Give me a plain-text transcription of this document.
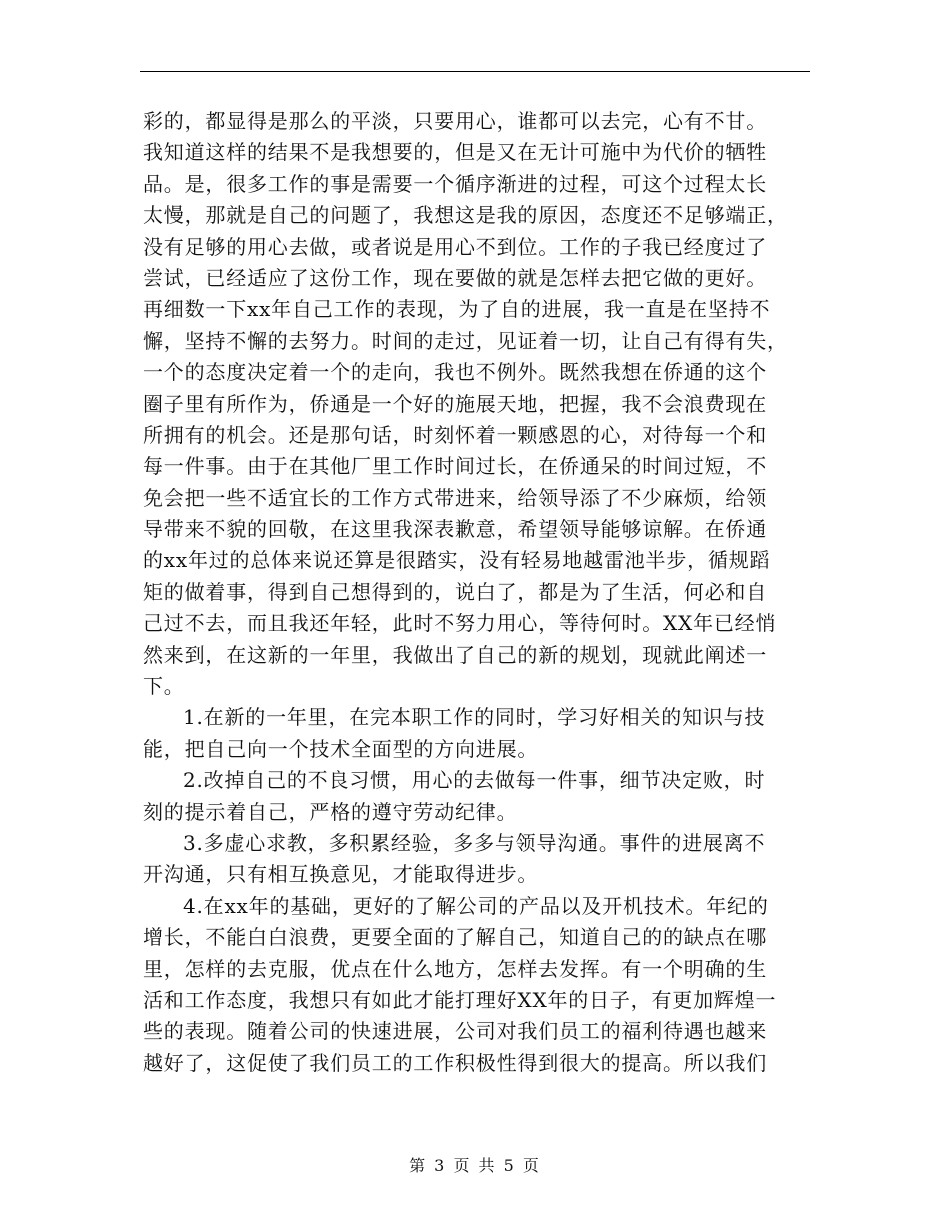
彩的，都显得是那么的平淡，只要用心，谁都可以去完，心有不甘。
我知道这样的结果不是我想要的，但是又在无计可施中为代价的牺牲
品。是，很多工作的事是需要一个循序渐进的过程，可这个过程太长
太慢，那就是自己的问题了，我想这是我的原因，态度还不足够端正，
没有足够的用心去做，或者说是用心不到位。工作的子我已经度过了
尝试，已经适应了这份工作，现在要做的就是怎样去把它做的更好。
再细数一下xx年自己工作的表现，为了自的进展，我一直是在坚持不
懈，坚持不懈的去努力。时间的走过，见证着一切，让自己有得有失，
一个的态度决定着一个的走向，我也不例外。既然我想在侨通的这个
圈子里有所作为，侨通是一个好的施展天地，把握，我不会浪费现在
所拥有的机会。还是那句话，时刻怀着一颗感恩的心，对待每一个和
每一件事。由于在其他厂里工作时间过长，在侨通呆的时间过短，不
免会把一些不适宜长的工作方式带进来，给领导添了不少麻烦，给领
导带来不貌的回敬，在这里我深表歉意，希望领导能够谅解。在侨通
的xx年过的总体来说还算是很踏实，没有轻易地越雷池半步，循规蹈
矩的做着事，得到自己想得到的，说白了，都是为了生活，何必和自
己过不去，而且我还年轻，此时不努力用心，等待何时。XX年已经悄
然来到，在这新的一年里，我做出了自己的新的规划，现就此阐述一
下。
1.在新的一年里，在完本职工作的同时，学习好相关的知识与技
能，把自己向一个技术全面型的方向进展。
2.改掉自己的不良习惯，用心的去做每一件事，细节决定败，时
刻的提示着自己，严格的遵守劳动纪律。
3.多虚心求教，多积累经验，多多与领导沟通。事件的进展离不
开沟通，只有相互换意见，才能取得进步。
4.在xx年的基础，更好的了解公司的产品以及开机技术。年纪的
增长，不能白白浪费，更要全面的了解自己，知道自己的的缺点在哪
里，怎样的去克服，优点在什么地方，怎样去发挥。有一个明确的生
活和工作态度，我想只有如此才能打理好XX年的日子，有更加辉煌一
些的表现。随着公司的快速进展，公司对我们员工的福利待遇也越来
越好了，这促使了我们员工的工作积极性得到很大的提高。所以我们
第 3 页 共 5 页
